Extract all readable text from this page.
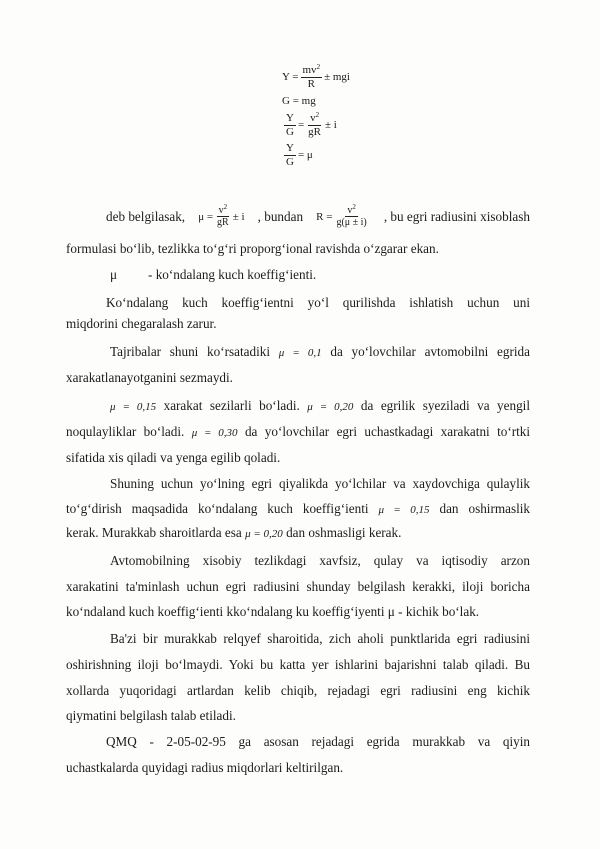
$Y = \frac{mv^2}{R}$ ± mgi
G = mg
$\frac{Y}{G} = \frac{v^2}{gR} \pm i$
$\frac{Y}{G} = \mu$
deb belgilasak, $\mu = \frac{v^2}{gR} \pm i$ , bundan $R = \frac{v^2}{g(\mu \pm i)}$ , bu egri radiusini xisoblash
formulasi bo‘lib, tezlikka to‘g‘ri proporg‘ional ravishda o‘zgarar ekan.
μ - ko‘ndalang kuch koeffig‘ienti.
Ko‘ndalang kuch koeffig‘ientni yo‘l qurilishda ishlatish uchun uni
miqdorini chegaralash zarur.
Tajribalar shuni ko‘rsatadiki μ = 0,1 da yo‘lovchilar avtomobilni egrida
xarakatlanayotganini sezmaydi.
μ = 0,15 xarakat sezilarli bo‘ladi. μ = 0,20 da egrilik syeziladi va yengil
noqulayliklar bo‘ladi. μ = 0,30 da yo‘lovchilar egri uchastkadagi xarakatni to‘rtki
sifatida xis qiladi va yenga egilib qoladi.
Shuning uchun yo‘lning egri qiyalikda yo‘lchilar va xaydovchiga qulaylik
to‘g‘dirish maqsadida ko‘ndalang kuch koeffig‘ienti μ = 0,15 dan oshirmaslik
kerak. Murakkab sharoitlarda esa μ = 0,20 dan oshmasligi kerak.
Avtomobilning xisobiy tezlikdagi xavfsiz, qulay va iqtisodiy arzon
xarakatini ta'minlash uchun egri radiusini shunday belgilash kerakki, iloji boricha
ko‘ndaland kuch koeffig‘ienti kko‘ndalang ku koeffig‘iyenti μ - kichik bo‘lak.
Ba'zi bir murakkab relqyef sharoitida, zich aholi punktlarida egri radiusini
oshirishning iloji bo‘lmaydi. Yoki bu katta yer ishlarini bajarishni talab qiladi. Bu
xollarda yuqoridagi artlardan kelib chiqib, rejadagi egri radiusini eng kichik
qiymatini belgilash talab etiladi.
QMQ - 2-05-02-95 ga asosan rejadagi egrida murakkab va qiyin
uchastkalarda quyidagi radius miqdorlari keltirilgan.
